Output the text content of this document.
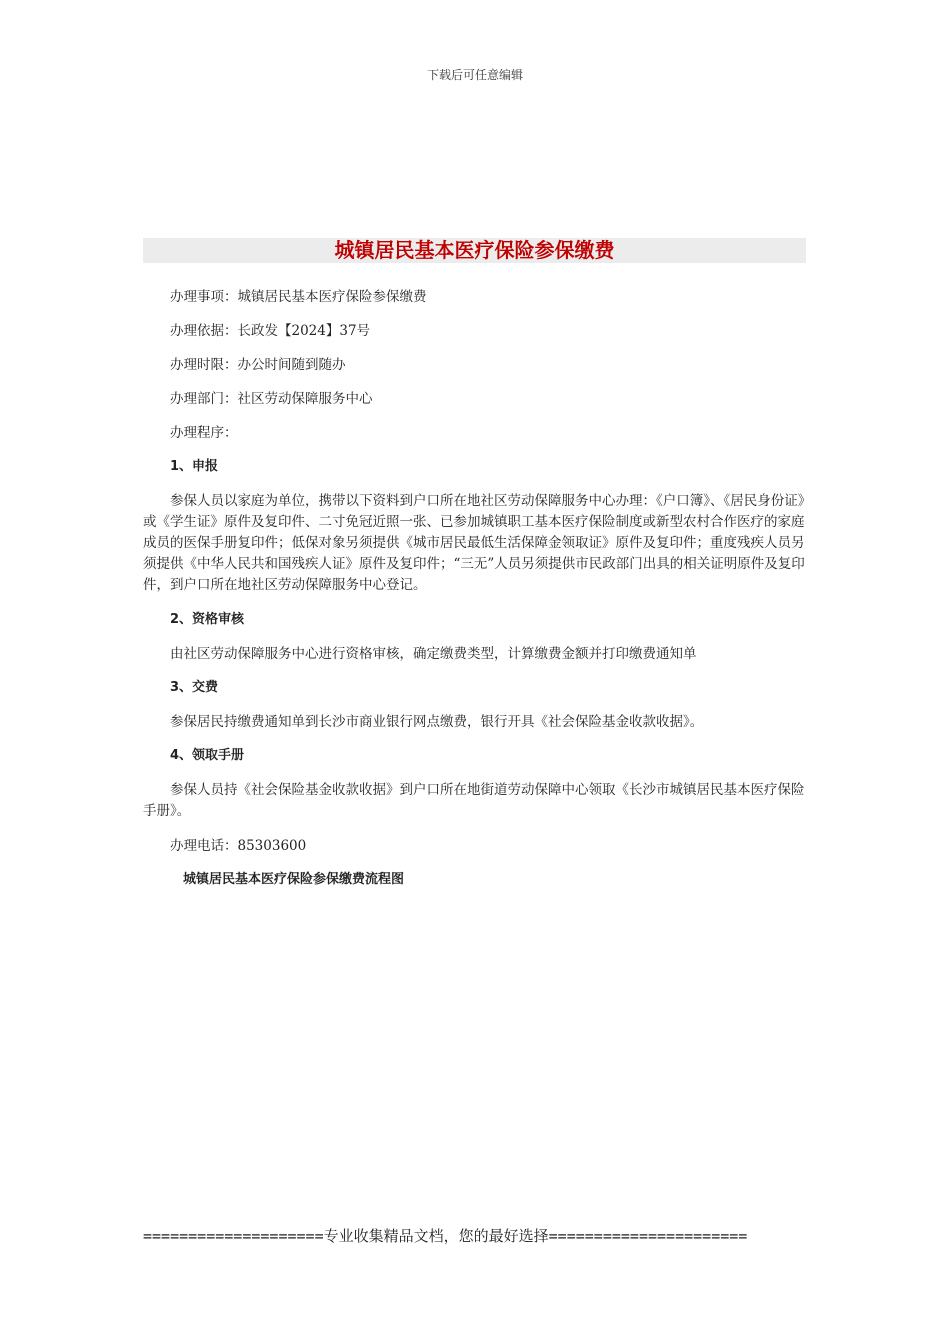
下载后可任意编辑
城镇居民基本医疗保险参保缴费

办理事项：城镇居民基本医疗保险参保缴费

办理依据：长政发【2024】37号

办理时限：办公时间随到随办

办理部门：社区劳动保障服务中心

办理程序：

1、申报

参保人员以家庭为单位，携带以下资料到户口所在地社区劳动保障服务中心办理：《户口簿》、《居民身份证》或《学生证》原件及复印件、二寸免冠近照一张、已参加城镇职工基本医疗保险制度或新型农村合作医疗的家庭成员的医保手册复印件；低保对象另须提供《城市居民最低生活保障金领取证》原件及复印件；重度残疾人员另须提供《中华人民共和国残疾人证》原件及复印件；“三无”人员另须提供市民政部门出具的相关证明原件及复印件，到户口所在地社区劳动保障服务中心登记。

2、资格审核

由社区劳动保障服务中心进行资格审核，确定缴费类型，计算缴费金额并打印缴费通知单

3、交费

参保居民持缴费通知单到长沙市商业银行网点缴费，银行开具《社会保险基金收款收据》。

4、领取手册

参保人员持《社会保险基金收款收据》到户口所在地街道劳动保障中心领取《长沙市城镇居民基本医疗保险手册》。

办理电话：85303600

城镇居民基本医疗保险参保缴费流程图

====================专业收集精品文档，您的最好选择======================
